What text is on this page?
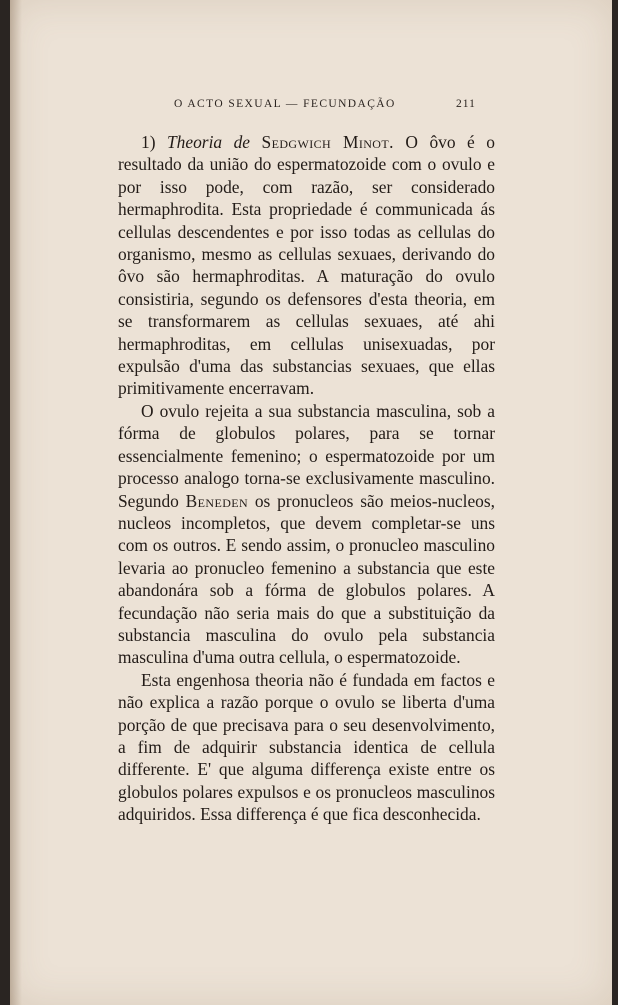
O ACTO SEXUAL — FECUNDAÇÃO	211

1) Theoria de Sedgwich Minot. O ôvo é o resultado da união do espermatozoide com o ovulo e por isso pode, com razão, ser considerado hermaphrodita. Esta propriedade é communicada ás cellulas descendentes e por isso todas as cellulas do organismo, mesmo as cellulas sexuaes, derivando do ôvo são hermaphroditas. A maturação do ovulo consistiria, segundo os defensores d'esta theoria, em se transformarem as cellulas sexuaes, até ahi hermaphroditas, em cellulas unisexuadas, por expulsão d'uma das substancias sexuaes, que ellas primitivamente encerravam.

O ovulo rejeita a sua substancia masculina, sob a fórma de globulos polares, para se tornar essencialmente femenino; o espermatozoide por um processo analogo torna-se exclusivamente masculino. Segundo Beneden os pronucleos são meios-nucleos, nucleos incompletos, que devem completar-se uns com os outros. E sendo assim, o pronucleo masculino levaria ao pronucleo femenino a substancia que este abandonára sob a fórma de globulos polares. A fecundação não seria mais do que a substituição da substancia masculina do ovulo pela substancia masculina d'uma outra cellula, o espermatozoide.

Esta engenhosa theoria não é fundada em factos e não explica a razão porque o ovulo se liberta d'uma porção de que precisava para o seu desenvolvimento, a fim de adquirir substancia identica de cellula differente. E' que alguma differença existe entre os globulos polares expulsos e os pronucleos masculinos adquiridos. Essa differença é que fica desconhecida.
